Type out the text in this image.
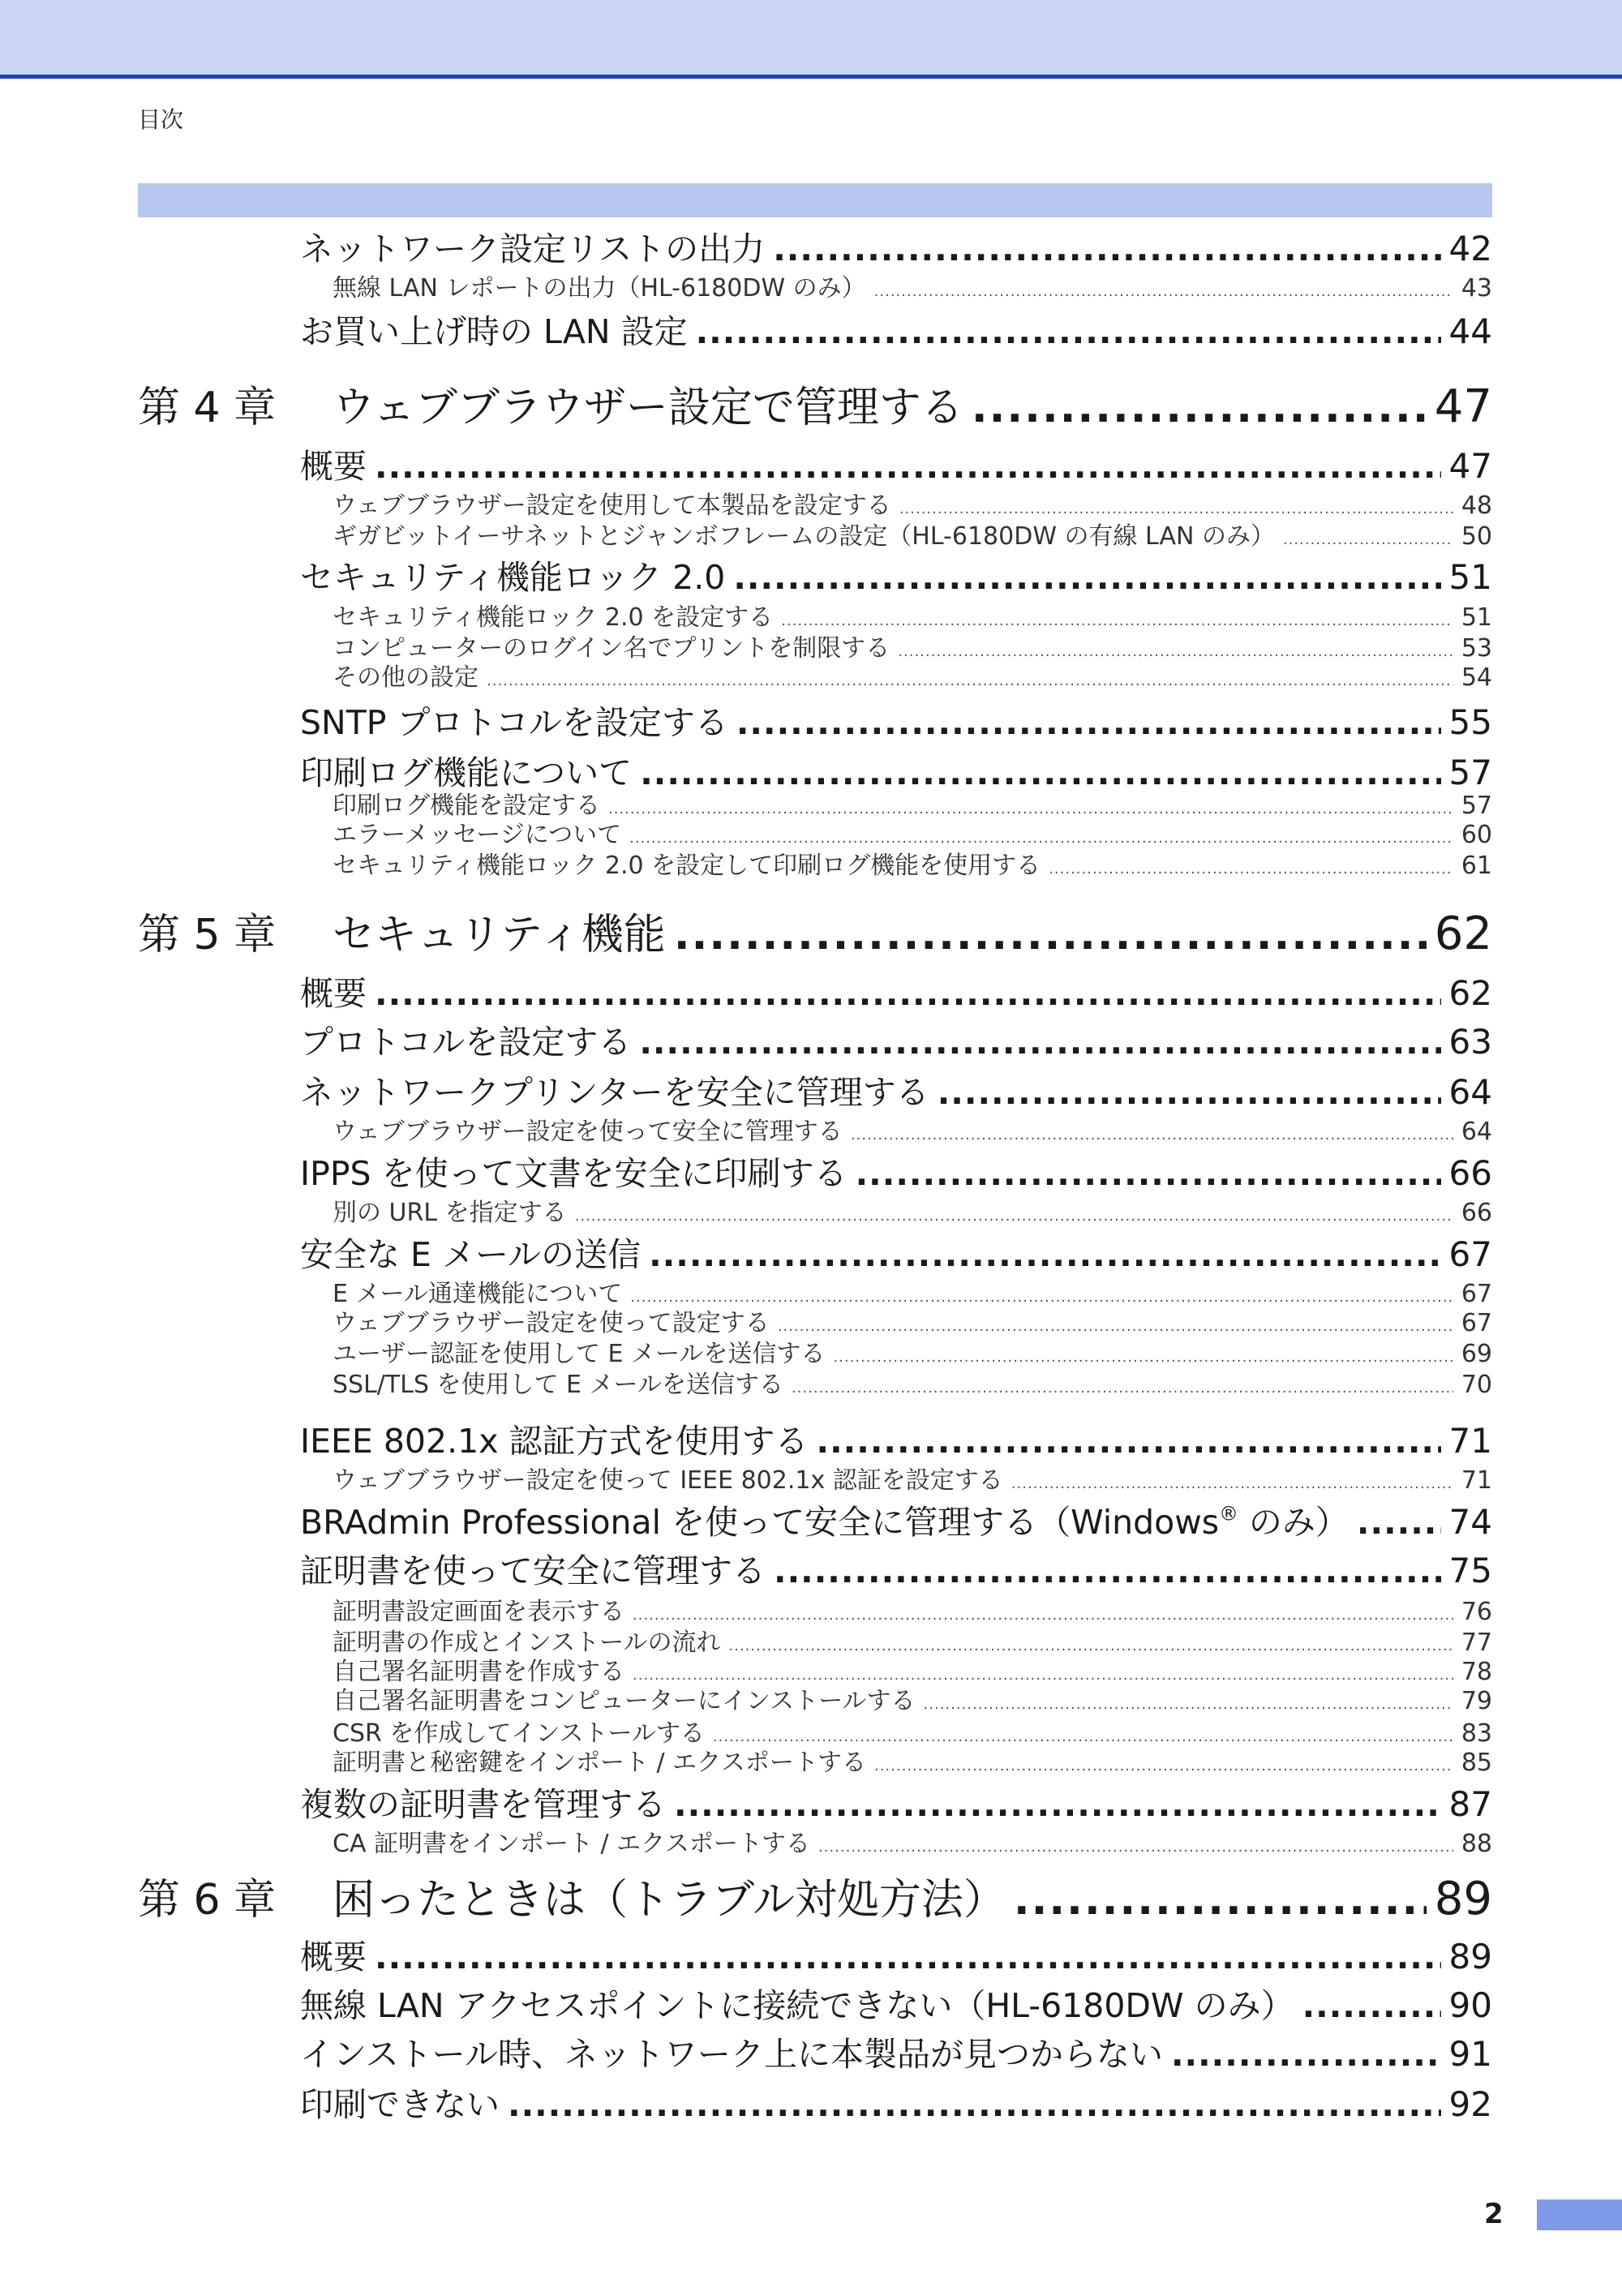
目次
ネットワーク設定リストの出力 .....	42
無線 LAN レポートの出力（HL-6180DW のみ） .....	43
お買い上げ時の LAN 設定 .....	44
第 4 章	ウェブブラウザー設定で管理する .....	47
概要 .....	47
ウェブブラウザー設定を使用して本製品を設定する .....	48
ギガビットイーサネットとジャンボフレームの設定（HL-6180DW の有線 LAN のみ） .....	50
セキュリティ機能ロック 2.0 .....	51
セキュリティ機能ロック 2.0 を設定する .....	51
コンピューターのログイン名でプリントを制限する .....	53
その他の設定 .....	54
SNTP プロトコルを設定する .....	55
印刷ログ機能について .....	57
印刷ログ機能を設定する .....	57
エラーメッセージについて .....	60
セキュリティ機能ロック 2.0 を設定して印刷ログ機能を使用する .....	61
第 5 章	セキュリティ機能 .....	62
概要 .....	62
プロトコルを設定する .....	63
ネットワークプリンターを安全に管理する .....	64
ウェブブラウザー設定を使って安全に管理する .....	64
IPPS を使って文書を安全に印刷する .....	66
別の URL を指定する .....	66
安全な E メールの送信 .....	67
E メール通達機能について .....	67
ウェブブラウザー設定を使って設定する .....	67
ユーザー認証を使用して E メールを送信する .....	69
SSL/TLS を使用して E メールを送信する .....	70
IEEE 802.1x 認証方式を使用する .....	71
ウェブブラウザー設定を使って IEEE 802.1x 認証を設定する .....	71
BRAdmin Professional を使って安全に管理する（Windows® のみ） .....	74
証明書を使って安全に管理する .....	75
証明書設定画面を表示する .....	76
証明書の作成とインストールの流れ .....	77
自己署名証明書を作成する .....	78
自己署名証明書をコンピューターにインストールする .....	79
CSR を作成してインストールする .....	83
証明書と秘密鍵をインポート / エクスポートする .....	85
複数の証明書を管理する .....	87
CA 証明書をインポート / エクスポートする .....	88
第 6 章	困ったときは（トラブル対処方法） .....	89
概要 .....	89
無線 LAN アクセスポイントに接続できない（HL-6180DW のみ） .....	90
インストール時、ネットワーク上に本製品が見つからない .....	91
印刷できない .....	92
2
